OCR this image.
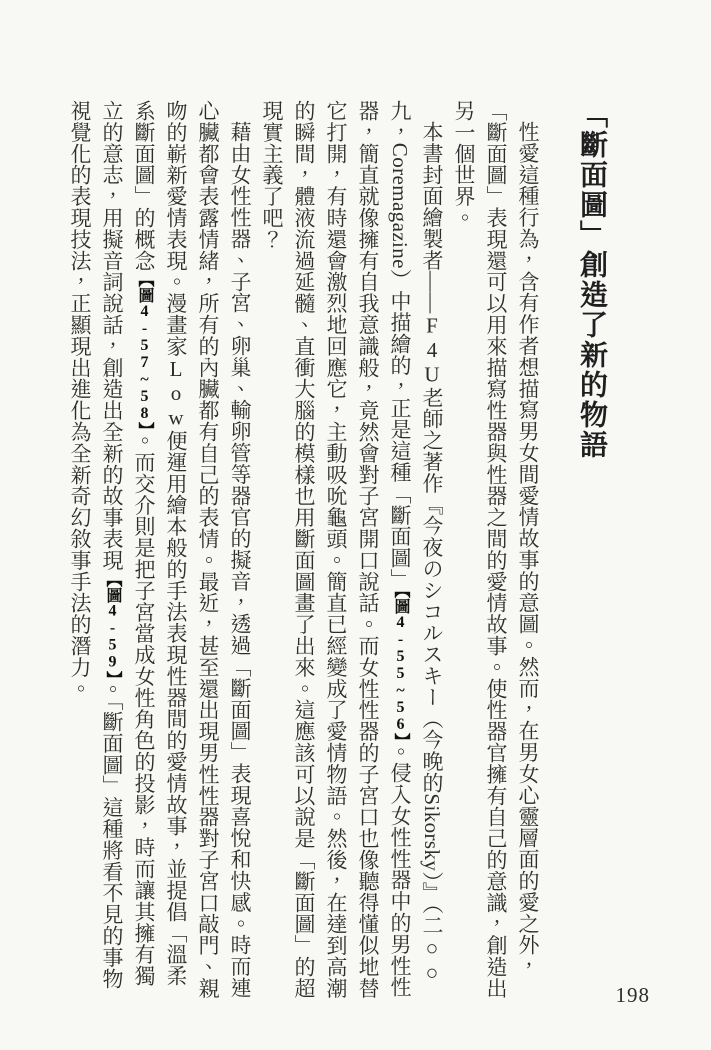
「斷面圖」創造了新的物語

性愛這種行為，含有作者想描寫男女間愛情故事的意圖。然而，在男女心靈層面的愛之外，「斷面圖」表現還可以用來描寫性器與性器之間的愛情故事。使性器官擁有自己的意識，創造出另一個世界。

本書封面繪製者——F4U老師之著作『今夜のシコルスキー（今晚的Sikorsky）』（二○○九，Coremagazine）中描繪的，正是這種「斷面圖」【圖4-55~56】。侵入女性性器中的男性性器，簡直就像擁有自我意識般，竟然會對子宮開口說話。而女性性器的子宮口也像聽得懂似地替它打開，有時還會激烈地回應它，主動吸吮龜頭。簡直已經變成了愛情物語。然後，在達到高潮的瞬間，體液流過延髓、直衝大腦的模樣也用斷面圖畫了出來。這應該可以說是「斷面圖」的超現實主義了吧？

藉由女性性器、子宮、卵巢、輸卵管等器官的擬音，透過「斷面圖」表現喜悅和快感。時而連心臟都會表露情緒，所有的內臟都有自己的表情。最近，甚至還出現男性性器對子宮口敲門、親吻的嶄新愛情表現。漫畫家Low便運用繪本般的手法表現性器間的愛情故事，並提倡「溫柔系斷面圖」的概念【圖4-57~58】。而交介則是把子宮當成女性角色的投影，時而讓其擁有獨立的意志，用擬音詞說話，創造出全新的故事表現【圖4-59】。「斷面圖」這種將看不見的事物視覺化的表現技法，正顯現出進化為全新奇幻敘事手法的潛力。

198
